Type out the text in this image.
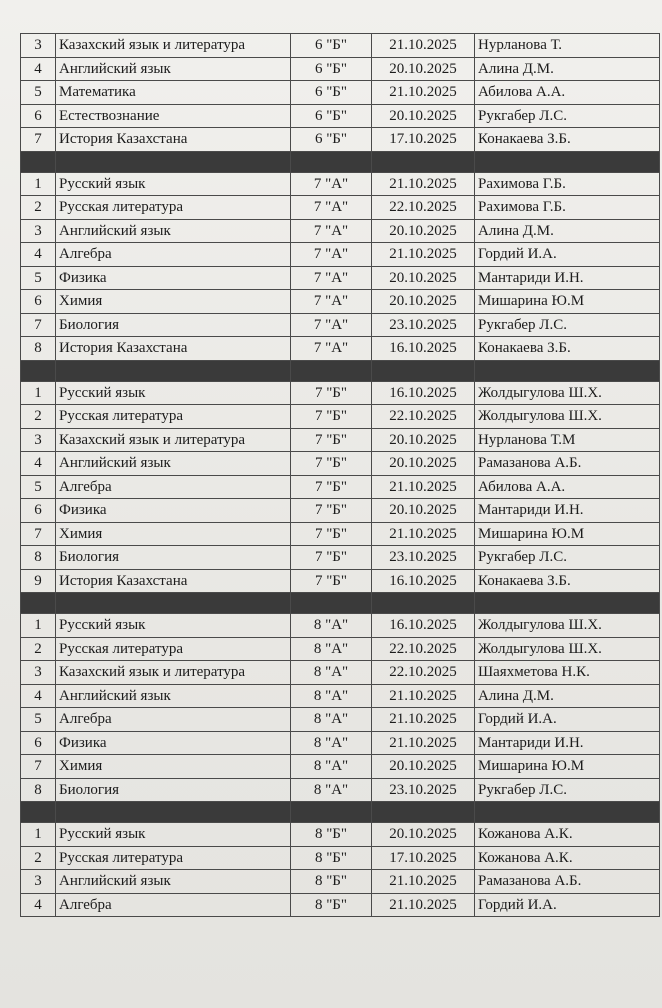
3	Казахский язык и литература	6 "Б"	21.10.2025	Нурланова Т.
4	Английский язык	6 "Б"	20.10.2025	Алина Д.М.
5	Математика	6 "Б"	21.10.2025	Абилова А.А.
6	Естествознание	6 "Б"	20.10.2025	Рукгабер Л.С.
7	История Казахстана	6 "Б"	17.10.2025	Конакаева З.Б.

1	Русский язык	7 "А"	21.10.2025	Рахимова Г.Б.
2	Русская литература	7 "А"	22.10.2025	Рахимова Г.Б.
3	Английский язык	7 "А"	20.10.2025	Алина Д.М.
4	Алгебра	7 "А"	21.10.2025	Гордий И.А.
5	Физика	7 "А"	20.10.2025	Мантариди И.Н.
6	Химия	7 "А"	20.10.2025	Мишарина Ю.М
7	Биология	7 "А"	23.10.2025	Рукгабер Л.С.
8	История Казахстана	7 "А"	16.10.2025	Конакаева З.Б.

1	Русский язык	7 "Б"	16.10.2025	Жолдыгулова Ш.Х.
2	Русская литература	7 "Б"	22.10.2025	Жолдыгулова Ш.Х.
3	Казахский язык и литература	7 "Б"	20.10.2025	Нурланова Т.М
4	Английский язык	7 "Б"	20.10.2025	Рамазанова А.Б.
5	Алгебра	7 "Б"	21.10.2025	Абилова А.А.
6	Физика	7 "Б"	20.10.2025	Мантариди И.Н.
7	Химия	7 "Б"	21.10.2025	Мишарина Ю.М
8	Биология	7 "Б"	23.10.2025	Рукгабер Л.С.
9	История Казахстана	7 "Б"	16.10.2025	Конакаева З.Б.

1	Русский язык	8 "А"	16.10.2025	Жолдыгулова Ш.Х.
2	Русская литература	8 "А"	22.10.2025	Жолдыгулова Ш.Х.
3	Казахский язык и литература	8 "А"	22.10.2025	Шаяхметова Н.К.
4	Английский язык	8 "А"	21.10.2025	Алина Д.М.
5	Алгебра	8 "А"	21.10.2025	Гордий И.А.
6	Физика	8 "А"	21.10.2025	Мантариди И.Н.
7	Химия	8 "А"	20.10.2025	Мишарина Ю.М
8	Биология	8 "А"	23.10.2025	Рукгабер Л.С.

1	Русский язык	8 "Б"	20.10.2025	Кожанова А.К.
2	Русская литература	8 "Б"	17.10.2025	Кожанова А.К.
3	Английский язык	8 "Б"	21.10.2025	Рамазанова А.Б.
4	Алгебра	8 "Б"	21.10.2025	Гордий И.А.
